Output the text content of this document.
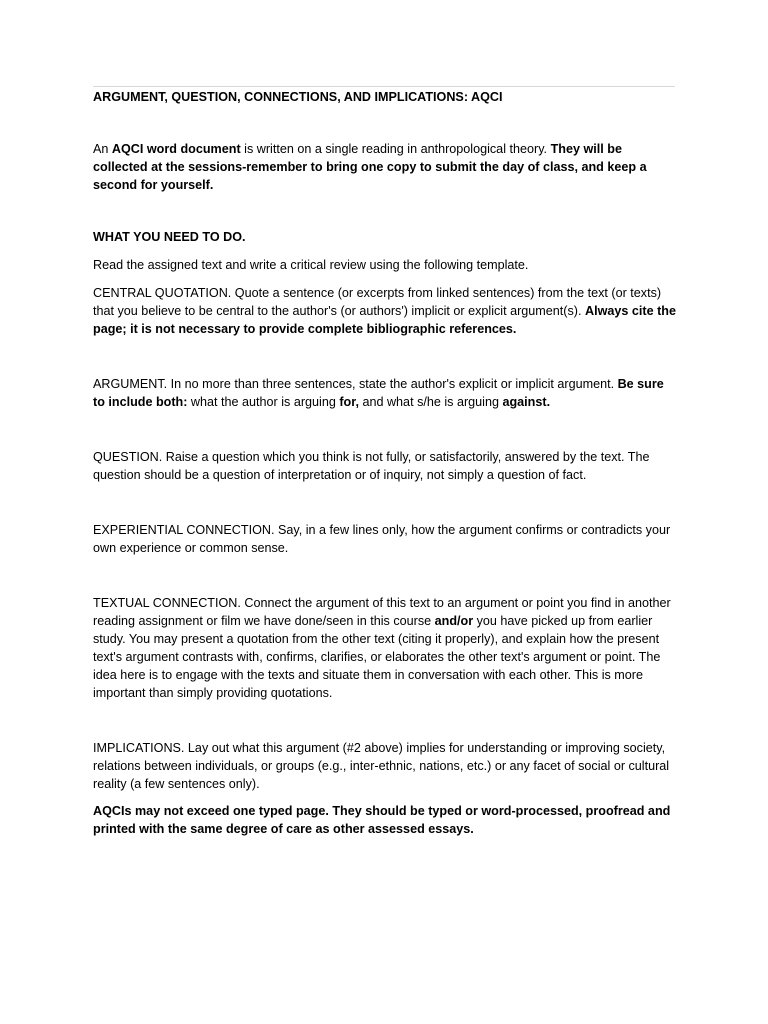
ARGUMENT, QUESTION, CONNECTIONS, AND IMPLICATIONS: AQCI

An AQCI word document is written on a single reading in anthropological theory. They will be collected at the sessions-remember to bring one copy to submit the day of class, and keep a second for yourself.

WHAT YOU NEED TO DO.

Read the assigned text and write a critical review using the following template.

CENTRAL QUOTATION. Quote a sentence (or excerpts from linked sentences) from the text (or texts) that you believe to be central to the author's (or authors') implicit or explicit argument(s). Always cite the page; it is not necessary to provide complete bibliographic references.

ARGUMENT. In no more than three sentences, state the author's explicit or implicit argument. Be sure to include both: what the author is arguing for, and what s/he is arguing against.

QUESTION. Raise a question which you think is not fully, or satisfactorily, answered by the text. The question should be a question of interpretation or of inquiry, not simply a question of fact.

EXPERIENTIAL CONNECTION. Say, in a few lines only, how the argument confirms or contradicts your own experience or common sense.

TEXTUAL CONNECTION. Connect the argument of this text to an argument or point you find in another reading assignment or film we have done/seen in this course and/or you have picked up from earlier study. You may present a quotation from the other text (citing it properly), and explain how the present text's argument contrasts with, confirms, clarifies, or elaborates the other text's argument or point. The idea here is to engage with the texts and situate them in conversation with each other. This is more important than simply providing quotations.

IMPLICATIONS. Lay out what this argument (#2 above) implies for understanding or improving society, relations between individuals, or groups (e.g., inter-ethnic, nations, etc.) or any facet of social or cultural reality (a few sentences only).

AQCIs may not exceed one typed page. They should be typed or word-processed, proofread and printed with the same degree of care as other assessed essays.
